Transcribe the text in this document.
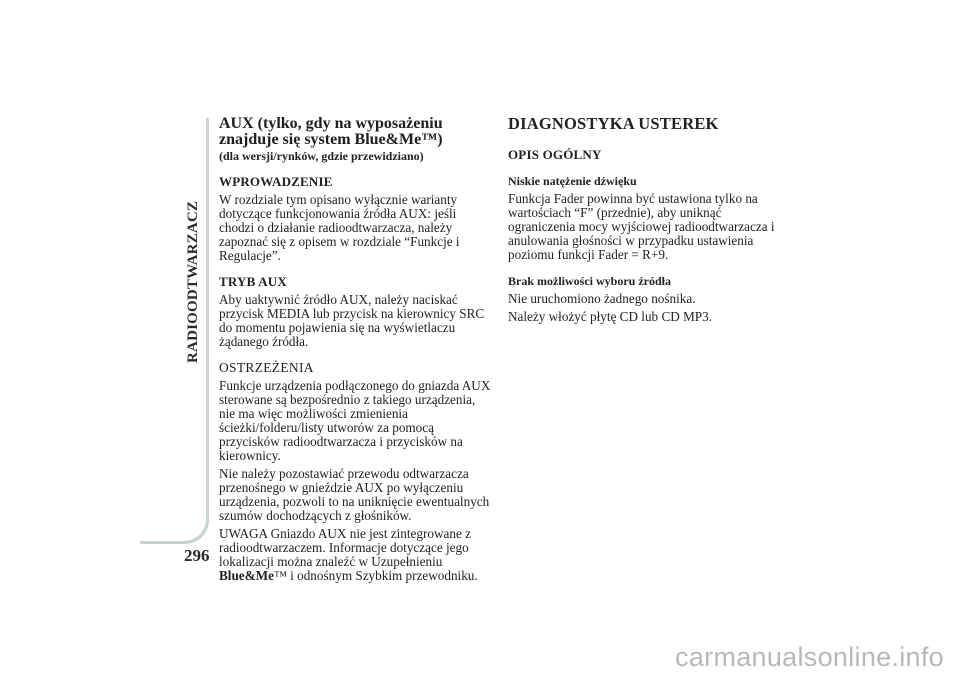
RADIOODTWARZACZ
296
AUX (tylko, gdy na wyposażeniu znajduje się system Blue&Me™)
(dla wersji/rynków, gdzie przewidziano)
WPROWADZENIE

W rozdziale tym opisano wyłącznie warianty dotyczące funkcjonowania źródła AUX: jeśli chodzi o działanie radioodtwarzacza, należy zapoznać się z opisem w rozdziale “Funkcje i Regulacje”.

TRYB AUX

Aby uaktywnić źródło AUX, należy naciskać przycisk MEDIA lub przycisk na kierownicy SRC do momentu pojawienia się na wyświetlaczu żądanego źródła.

OSTRZEŻENIA

Funkcje urządzenia podłączonego do gniazda AUX sterowane są bezpośrednio z takiego urządzenia, nie ma więc możliwości zmienienia ścieżki/folderu/listy utworów za pomocą przycisków radioodtwarzacza i przycisków na kierownicy.

Nie należy pozostawiać przewodu odtwarzacza przenośnego w gnieździe AUX po wyłączeniu urządzenia, pozwoli to na uniknięcie ewentualnych szumów dochodzących z głośników.

UWAGA Gniazdo AUX nie jest zintegrowane z radioodtwarzaczem. Informacje dotyczące jego lokalizacji można znaleźć w Uzupełnieniu Blue&Me™ i odnośnym Szybkim przewodniku.

DIAGNOSTYKA USTEREK
OPIS OGÓLNY
Niskie natężenie dźwięku

Funkcja Fader powinna być ustawiona tylko na wartościach “F” (przednie), aby uniknąć ograniczenia mocy wyjściowej radioodtwarzacza i anulowania głośności w przypadku ustawienia poziomu funkcji Fader = R+9.

Brak możliwości wyboru źródła

Nie uruchomiono żadnego nośnika.

Należy włożyć płytę CD lub CD MP3.

carmanualsonline.info
